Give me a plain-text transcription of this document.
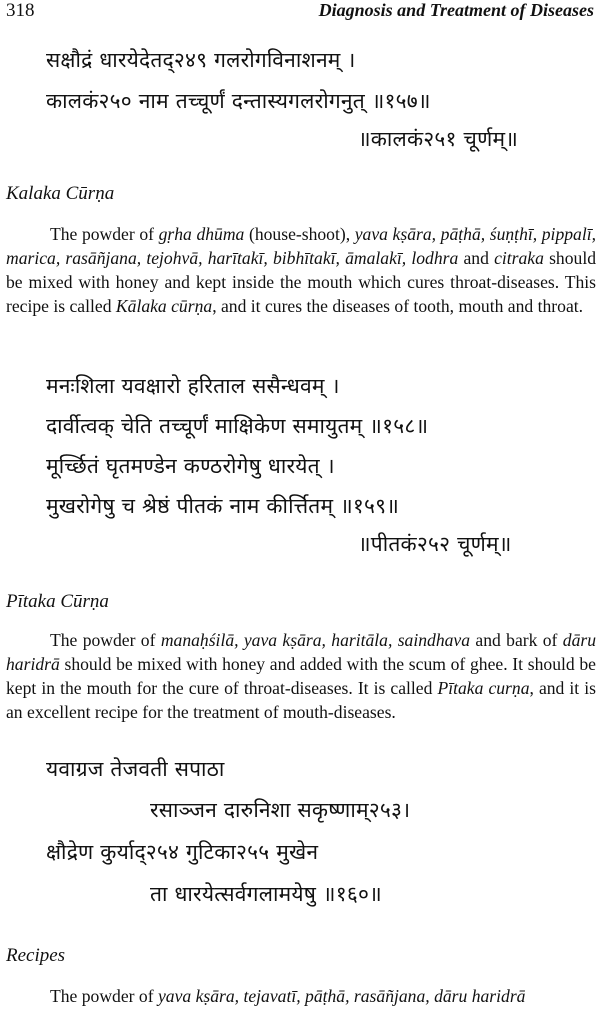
318	Diagnosis and Treatment of Diseases
सक्षौद्रं धारयेदेतद्२४९ गलरोगविनाशनम् ।
कालकं२५० नाम तच्चूर्णं दन्तास्यगलरोगनुत् ॥१५७॥
॥कालकं२५१ चूर्णम्॥
Kalaka Cūrṇa
The powder of gṛha dhūma (house-shoot), yava kṣāra, pāṭhā, śuṇṭhī, pippalī, marica, rasāñjana, tejohvā, harītakī, bibhītakī, āmalakī, lodhra and citraka should be mixed with honey and kept inside the mouth which cures throat-diseases. This recipe is called Kālaka cūrṇa, and it cures the diseases of tooth, mouth and throat.
मनःशिला यवक्षारो हरिताल ससैन्धवम् ।
दार्वीत्वक् चेति तच्चूर्णं माक्षिकेण समायुतम् ॥१५८॥
मूर्च्छितं घृतमण्डेन कण्ठरोगेषु धारयेत् ।
मुखरोगेषु च श्रेष्ठं पीतकं नाम कीर्त्तितम् ॥१५९॥
॥पीतकं२५२ चूर्णम्॥
Pītaka Cūrṇa
The powder of manaḥśilā, yava kṣāra, haritāla, saindhava and bark of dāru haridrā should be mixed with honey and added with the scum of ghee. It should be kept in the mouth for the cure of throat-diseases. It is called Pītaka curṇa, and it is an excellent recipe for the treatment of mouth-diseases.
यवाग्रज तेजवती सपाठा
रसाञ्जन दारुनिशा सकृष्णाम्२५३।
क्षौद्रेण कुर्याद्२५४ गुटिका२५५ मुखेन
ता धारयेत्सर्वगलामयेषु ॥१६०॥
Recipes
The powder of yava kṣāra, tejavatī, pāṭhā, rasāñjana, dāru haridrā
